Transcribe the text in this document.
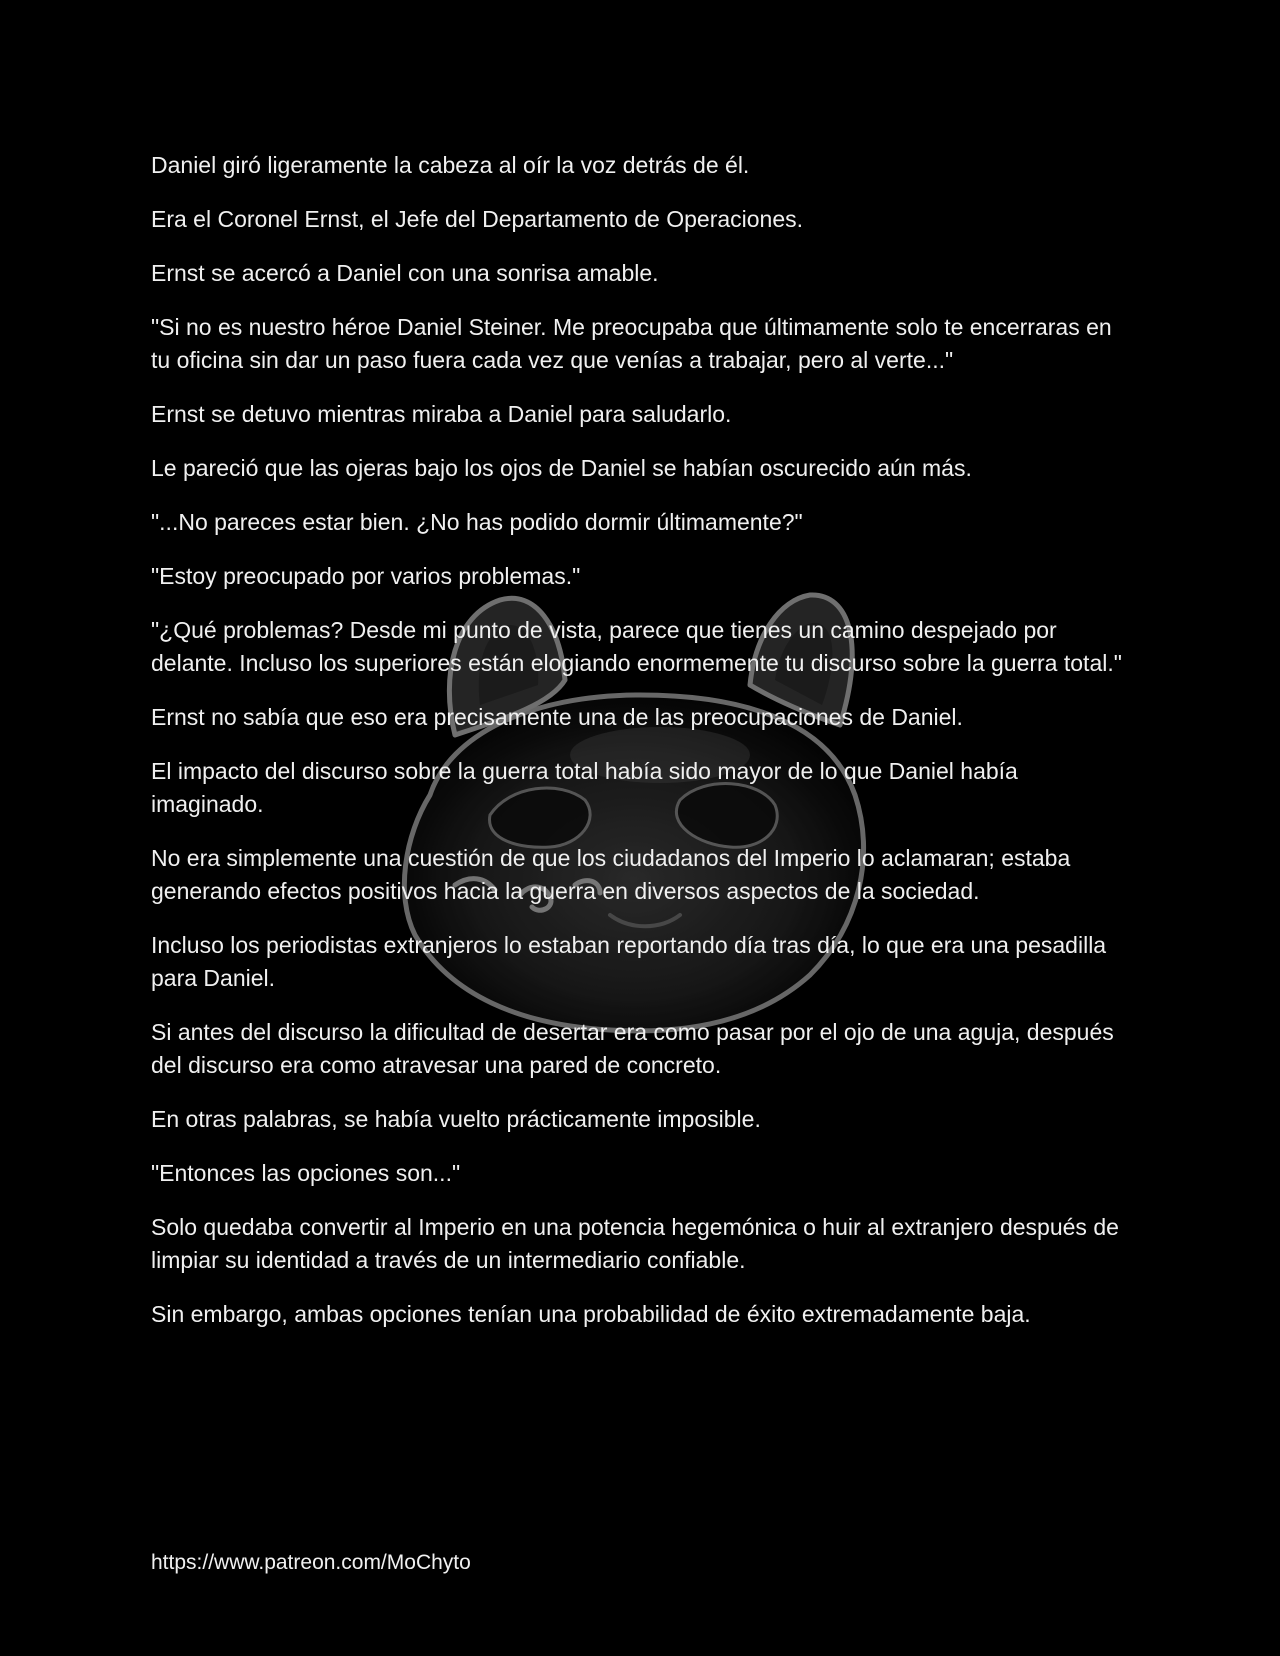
Daniel giró ligeramente la cabeza al oír la voz detrás de él.

Era el Coronel Ernst, el Jefe del Departamento de Operaciones.

Ernst se acercó a Daniel con una sonrisa amable.

"Si no es nuestro héroe Daniel Steiner. Me preocupaba que últimamente solo te encerraras en tu oficina sin dar un paso fuera cada vez que venías a trabajar, pero al verte..."

Ernst se detuvo mientras miraba a Daniel para saludarlo.

Le pareció que las ojeras bajo los ojos de Daniel se habían oscurecido aún más.

"...No pareces estar bien. ¿No has podido dormir últimamente?"

"Estoy preocupado por varios problemas."

"¿Qué problemas? Desde mi punto de vista, parece que tienes un camino despejado por delante. Incluso los superiores están elogiando enormemente tu discurso sobre la guerra total."

Ernst no sabía que eso era precisamente una de las preocupaciones de Daniel.

El impacto del discurso sobre la guerra total había sido mayor de lo que Daniel había imaginado.

No era simplemente una cuestión de que los ciudadanos del Imperio lo aclamaran; estaba generando efectos positivos hacia la guerra en diversos aspectos de la sociedad.

Incluso los periodistas extranjeros lo estaban reportando día tras día, lo que era una pesadilla para Daniel.

Si antes del discurso la dificultad de desertar era como pasar por el ojo de una aguja, después del discurso era como atravesar una pared de concreto.

En otras palabras, se había vuelto prácticamente imposible.

"Entonces las opciones son..."

Solo quedaba convertir al Imperio en una potencia hegemónica o huir al extranjero después de limpiar su identidad a través de un intermediario confiable.

Sin embargo, ambas opciones tenían una probabilidad de éxito extremadamente baja.

https://www.patreon.com/MoChyto
